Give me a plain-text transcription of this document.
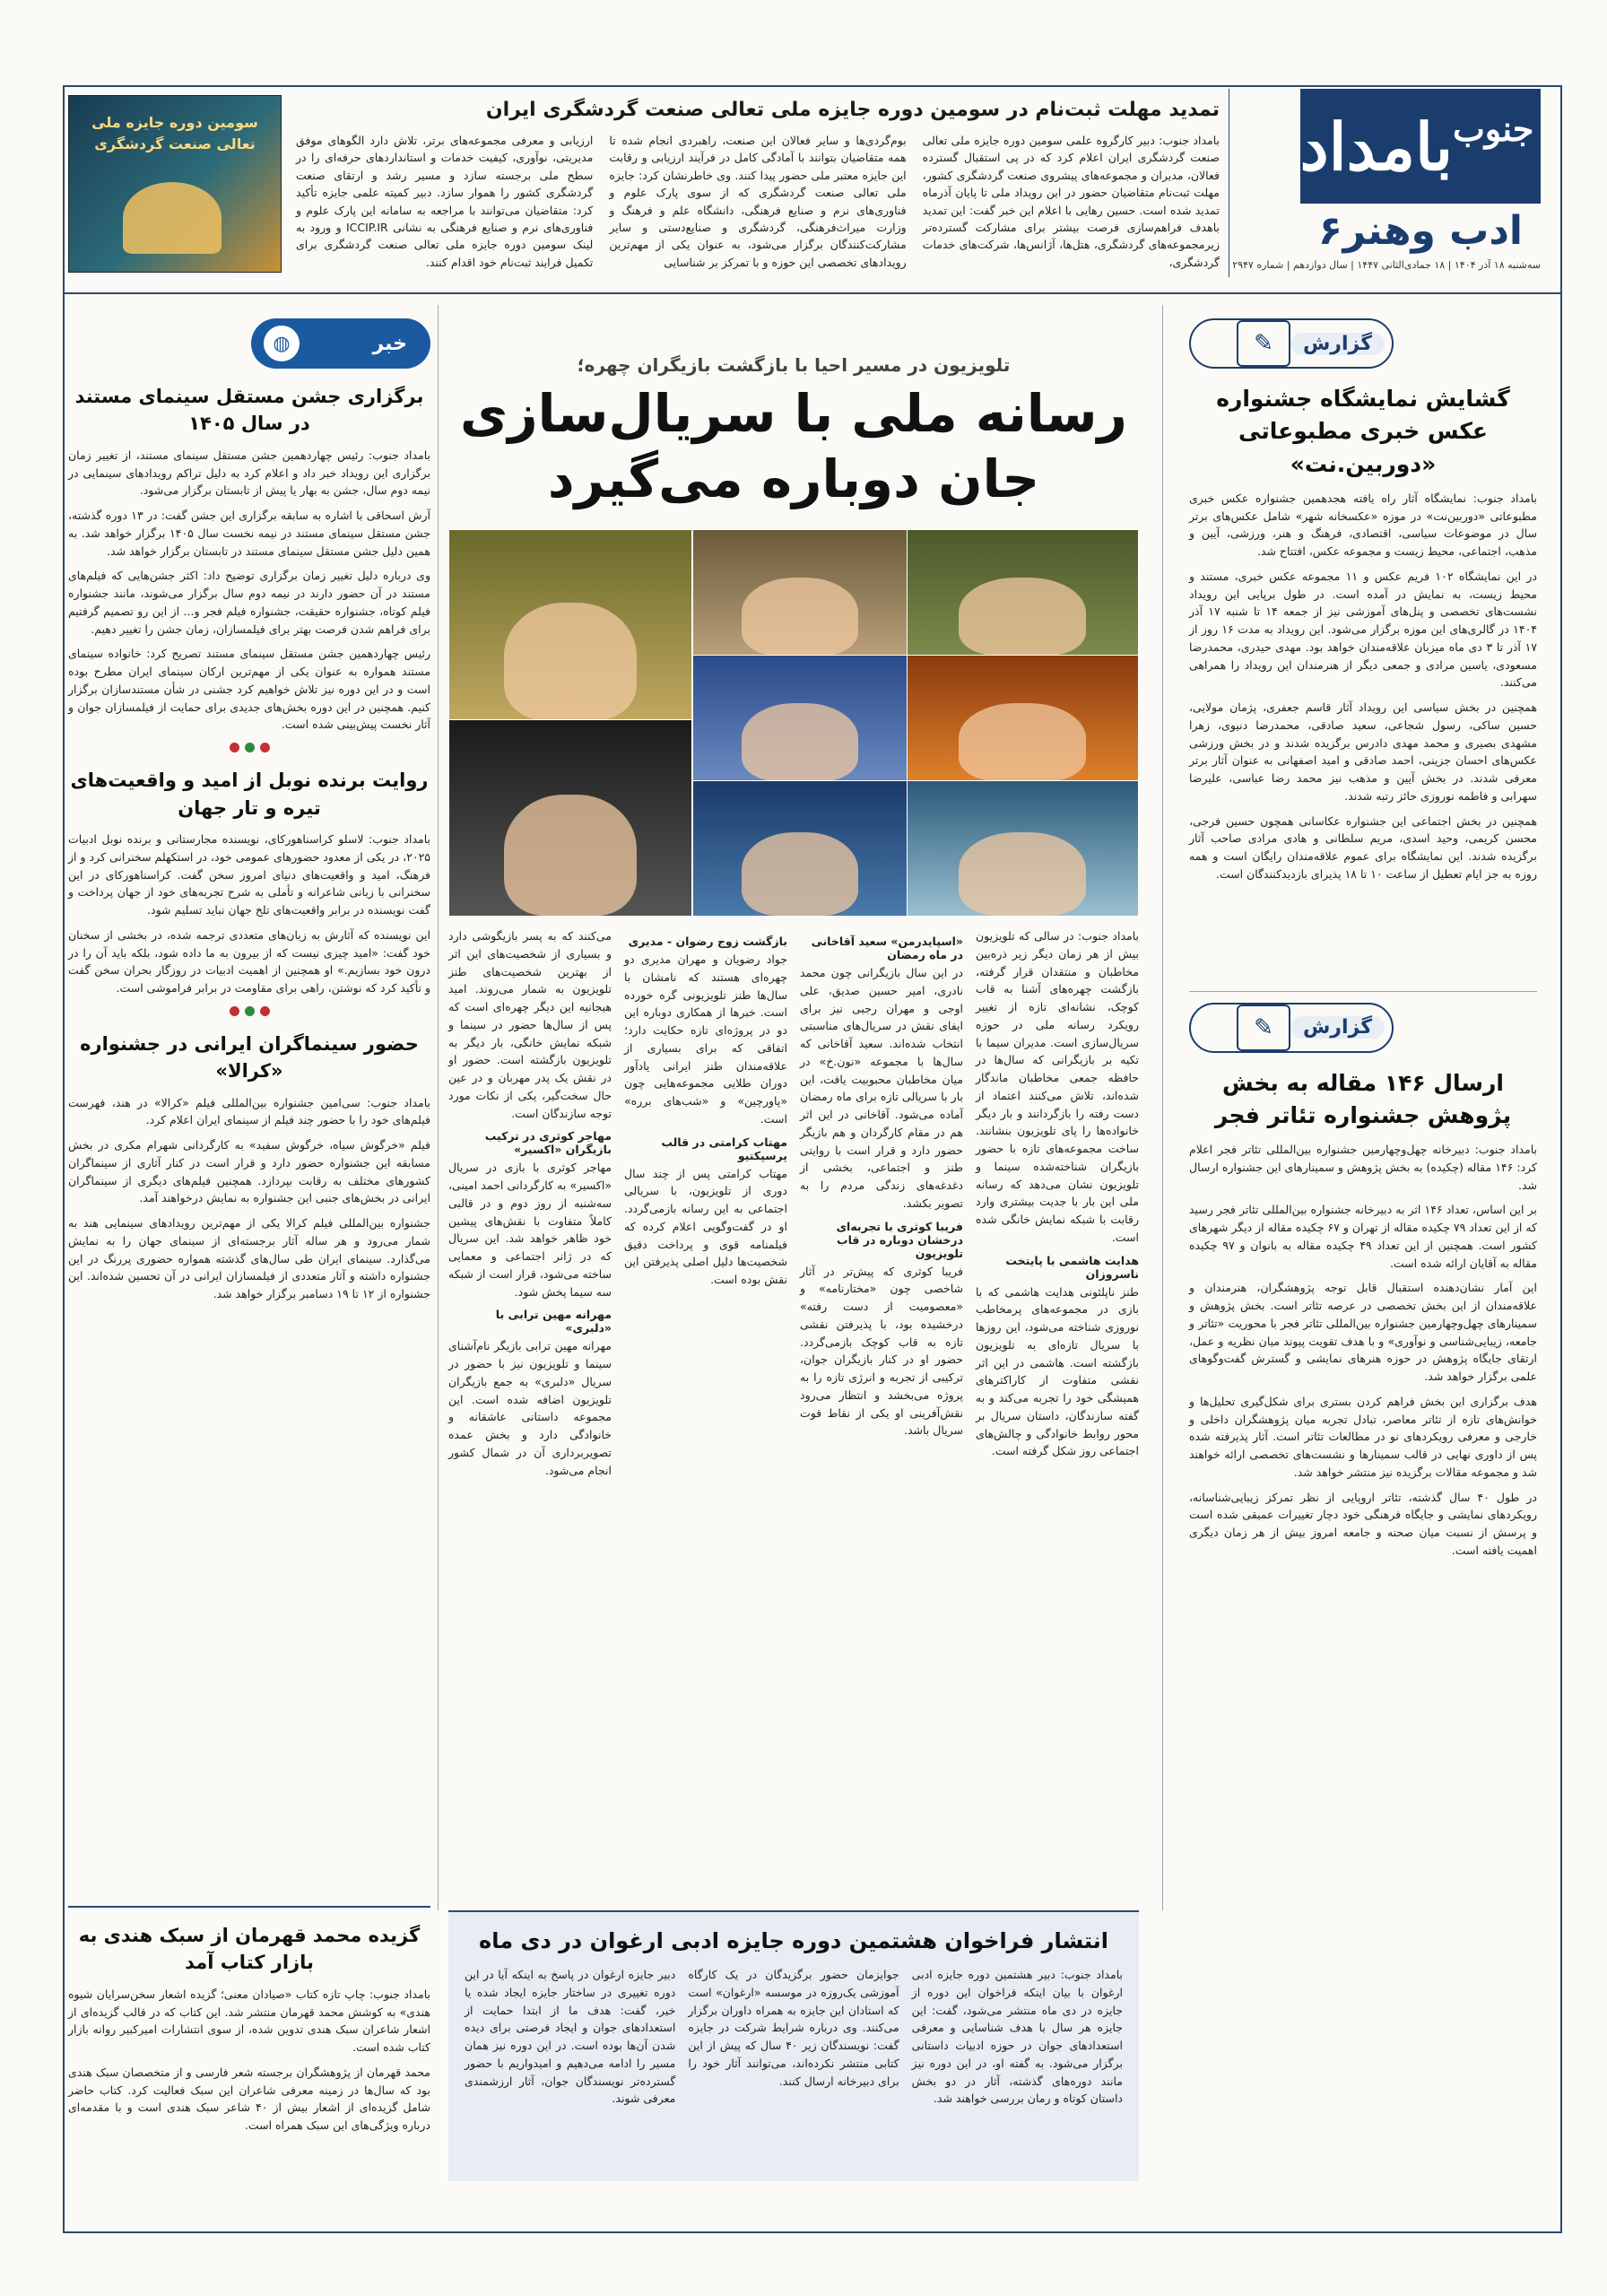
جنوب
بامداد
ادب وهنر
۶
سه‌شنبه ۱۸ آذر ۱۴۰۴ | ۱۸ جمادی‌الثانی ۱۴۴۷ | سال دوازدهم | شماره ۲۹۴۷
تمدید مهلت ثبت‌نام در سومین دوره جایزه ملی تعالی صنعت گردشگری ایران

بامداد جنوب: دبیر کارگروه علمی سومین دوره جایزه ملی تعالی صنعت گردشگری ایران اعلام کرد که در پی استقبال گسترده فعالان، مدیران و مجموعه‌های پیشروی صنعت گردشگری کشور، مهلت ثبت‌نام متقاضیان حضور در این رویداد ملی تا پایان آذرماه تمدید شده است. حسین رهایی با اعلام این خبر گفت: این تمدید باهدف فراهم‌سازی فرصت بیشتر برای مشارکت گسترده‌تر زیرمجموعه‌های گردشگری، هتل‌ها، آژانس‌ها، شرکت‌های خدمات گردشگری،

بوم‌گردی‌ها و سایر فعالان این صنعت، راهبردی انجام شده تا همه متقاضیان بتوانند با آمادگی کامل در فرآیند ارزیابی و رقابت این جایزه معتبر ملی حضور پیدا کنند. وی خاطرنشان کرد: جایزه ملی تعالی صنعت گردشگری که از سوی پارک علوم و فناوری‌های نرم و صنایع فرهنگی، دانشگاه علم و فرهنگ و وزارت میراث‌فرهنگی، گردشگری و صنایع‌دستی و سایر مشارکت‌کنندگان برگزار می‌شود، به عنوان یکی از مهم‌ترین رویدادهای تخصصی این حوزه و با تمرکز بر شناسایی

ارزیابی و معرفی مجموعه‌های برتر، تلاش دارد الگوهای موفق مدیریتی، نوآوری، کیفیت خدمات و استانداردهای حرفه‌ای را در سطح ملی برجسته سازد و مسیر رشد و ارتقای صنعت گردشگری کشور را هموار سازد. دبیر کمیته علمی جایزه تأکید کرد: متقاضیان می‌توانند با مراجعه به سامانه این پارک علوم و فناوری‌های نرم و صنایع فرهنگی به نشانی ICCIP.IR و ورود به لینک سومین دوره جایزه ملی تعالی صنعت گردشگری برای تکمیل فرایند ثبت‌نام خود اقدام کنند.

سومین دوره جایزه ملی تعالی صنعت گردشگری
گزارش
✎
گشایش نمایشگاه جشنواره عکس خبری مطبوعاتی «دوربین.نت»

بامداد جنوب: نمایشگاه آثار راه یافته هجدهمین جشنواره عکس خبری مطبوعاتی «دوربین‌نت» در موزه «عکسخانه شهر» شامل عکس‌های برتر سال در موضوعات سیاسی، اقتصادی، فرهنگ و هنر، ورزشی، آیین و مذهب، اجتماعی، محیط زیست و مجموعه عکس، افتتاح شد.

در این نمایشگاه ۱۰۲ فریم عکس و ۱۱ مجموعه عکس خبری، مستند و محیط زیست، به نمایش در آمده است. در طول برپایی این رویداد نشست‌های تخصصی و پنل‌های آموزشی نیز از جمعه ۱۴ تا شنبه ۱۷ آذر ۱۴۰۴ در گالری‌های این موزه برگزار می‌شود. این رویداد به مدت ۱۶ روز از ۱۷ آذر تا ۳ دی ماه میزبان علاقه‌مندان خواهد بود. مهدی حیدری، محمدرضا مسعودی، یاسین مرادی و جمعی دیگر از هنرمندان این رویداد را همراهی می‌کنند.

همچنین در بخش سیاسی این رویداد آثار قاسم جعفری، پژمان مولایی، حسین ساکی، رسول شجاعی، سعید صادقی، محمدرضا دنیوی، زهرا مشهدی بصیری و محمد مهدی دادرس برگزیده شدند و در بخش ورزشی عکس‌های احسان جزینی، احمد صادقی و امید اصفهانی به عنوان آثار برتر معرفی شدند. در بخش آیین و مذهب نیز محمد رضا عباسی، علیرضا سهرابی و فاطمه نوروزی حائز رتبه شدند.

همچنین در بخش اجتماعی این جشنواره عکاسانی همچون حسین فرجی، محسن کریمی، وحید اسدی، مریم سلطانی و هادی مرادی صاحب آثار برگزیده شدند. این نمایشگاه برای عموم علاقه‌مندان رایگان است و همه روزه به جز ایام تعطیل از ساعت ۱۰ تا ۱۸ پذیرای بازدیدکنندگان است.

گزارش
✎
ارسال ۱۴۶ مقاله به بخش پژوهش جشنواره تئاتر فجر

بامداد جنوب: دبیرخانه چهل‌وچهارمین جشنواره بین‌المللی تئاتر فجر اعلام کرد: ۱۴۶ مقاله (چکیده) به بخش پژوهش و سمینارهای این جشنواره ارسال شد.

بر این اساس، تعداد ۱۴۶ اثر به دبیرخانه جشنواره بین‌المللی تئاتر فجر رسید که از این تعداد ۷۹ چکیده مقاله از تهران و ۶۷ چکیده مقاله از دیگر شهرهای کشور است. همچنین از این تعداد ۴۹ چکیده مقاله به بانوان و ۹۷ چکیده مقاله به آقایان ارائه شده است.

این آمار نشان‌دهنده استقبال قابل توجه پژوهشگران، هنرمندان و علاقه‌مندان از این بخش تخصصی در عرصه تئاتر است. بخش پژوهش و سمینارهای چهل‌وچهارمین جشنواره بین‌المللی تئاتر فجر با محوریت «تئاتر و جامعه، زیبایی‌شناسی و نوآوری» و با هدف تقویت پیوند میان نظریه و عمل، ارتقای جایگاه پژوهش در حوزه هنرهای نمایشی و گسترش گفت‌وگوهای علمی برگزار خواهد شد.

هدف برگزاری این بخش فراهم کردن بستری برای شکل‌گیری تحلیل‌ها و خوانش‌های تازه از تئاتر معاصر، تبادل تجربه میان پژوهشگران داخلی و خارجی و معرفی رویکردهای نو در مطالعات تئاتر است. آثار پذیرفته شده پس از داوری نهایی در قالب سمینارها و نشست‌های تخصصی ارائه خواهند شد و مجموعه مقالات برگزیده نیز منتشر خواهد شد.

در طول ۴۰ سال گذشته، تئاتر اروپایی از نظر تمرکز زیبایی‌شناسانه، رویکردهای نمایشی و جایگاه فرهنگی خود دچار تغییرات عمیقی شده است و پرسش از نسبت میان صحنه و جامعه امروز بیش از هر زمان دیگری اهمیت یافته است.

تلویزیون در مسیر احیا با بازگشت بازیگران چهره؛
رسانه ملی با سریال‌سازی
جان دوباره می‌گیرد

بامداد جنوب: در سالی که تلویزیون بیش از هر زمان دیگر زیر ذره‌بین مخاطبان و منتقدان قرار گرفته، بازگشت چهره‌های آشنا به قاب کوچک، نشانه‌ای تازه از تغییر رویکرد رسانه ملی در حوزه سریال‌سازی است. مدیران سیما با تکیه بر بازیگرانی که سال‌ها در حافظه جمعی مخاطبان ماندگار شده‌اند، تلاش می‌کنند اعتماد از دست رفته را بازگردانند و بار دیگر خانواده‌ها را پای تلویزیون بنشانند. ساخت مجموعه‌های تازه با حضور بازیگران شناخته‌شده سینما و تلویزیون نشان می‌دهد که رسانه ملی این بار با جدیت بیشتری وارد رقابت با شبکه نمایش خانگی شده است.

هدایت هاشمی با پایتخت ناسروزان

طنز ناپلئونی هدایت هاشمی که با بازی در مجموعه‌های پرمخاطب نوروزی شناخته می‌شود، این روزها با سریال تازه‌ای به تلویزیون بازگشته است. هاشمی در این اثر نقشی متفاوت از کاراکترهای همیشگی خود را تجربه می‌کند و به گفته سازندگان، داستان سریال بر محور روابط خانوادگی و چالش‌های اجتماعی روز شکل گرفته است.

«اسپایدرمن» سعید آقاخانی در ماه رمضان

در این سال بازیگرانی چون محمد نادری، امیر حسین صدیق، علی اوجی و مهران رجبی نیز برای ایفای نقش در سریال‌های مناسبتی انتخاب شده‌اند. سعید آقاخانی که سال‌ها با مجموعه «نون.خ» در میان مخاطبان محبوبیت یافت، این بار با سریالی تازه برای ماه رمضان آماده می‌شود. آقاخانی در این اثر هم در مقام کارگردان و هم بازیگر حضور دارد و قرار است با روایتی طنز و اجتماعی، بخشی از دغدغه‌های زندگی مردم را به تصویر بکشد.

فریبا کوثری با تجربه‌ای درخشان دوباره در قاب تلویزیون

فریبا کوثری که پیش‌تر در آثار شاخصی چون «مختارنامه» و «معصومیت از دست رفته» درخشیده بود، با پذیرفتن نقشی تازه به قاب کوچک بازمی‌گردد. حضور او در کنار بازیگران جوان، ترکیبی از تجربه و انرژی تازه را به پروژه می‌بخشد و انتظار می‌رود نقش‌آفرینی او یکی از نقاط قوت سریال باشد.

بازگشت زوج رضوان - مدیری

جواد رضویان و مهران مدیری دو چهره‌ای هستند که نامشان با سال‌ها طنز تلویزیونی گره خورده است. خبرها از همکاری دوباره این دو در پروژه‌ای تازه حکایت دارد؛ اتفاقی که برای بسیاری از علاقه‌مندان طنز ایرانی یادآور دوران طلایی مجموعه‌هایی چون «پاورچین» و «شب‌های برره» است.

مهتاب کرامتی در قالب پرسپکتیو

مهتاب کرامتی پس از چند سال دوری از تلویزیون، با سریالی اجتماعی به این رسانه بازمی‌گردد. او در گفت‌وگویی اعلام کرده که فیلمنامه قوی و پرداخت دقیق شخصیت‌ها دلیل اصلی پذیرفتن این نقش بوده است.

می‌کنند که به پسر بازیگوشی دارد و بسیاری از شخصیت‌های این اثر از بهترین شخصیت‌های طنز تلویزیون به شمار می‌روند. امید هیجانیه این دیگر چهره‌ای است که پس از سال‌ها حضور در سینما و شبکه نمایش خانگی، بار دیگر به تلویزیون بازگشته است. حضور او در نقش یک پدر مهربان و در عین حال سخت‌گیر، یکی از نکات مورد توجه سازندگان است.

مهاجر کوثری در ترکیب بازیگران «اکسیر»

مهاجر کوثری با بازی در سریال «اکسیر» به کارگردانی احمد امینی، سه‌شنبه از روز دوم و در قالبی کاملاً متفاوت با نقش‌های پیشین خود ظاهر خواهد شد. این سریال که در ژانر اجتماعی و معمایی ساخته می‌شود، قرار است از شبکه سه سیما پخش شود.

مهرانه مهین ترابی با «دلبری»

مهرانه مهین ترابی بازیگر نام‌آشنای سینما و تلویزیون نیز با حضور در سریال «دلبری» به جمع بازیگران تلویزیون اضافه شده است. این مجموعه داستانی عاشقانه و خانوادگی دارد و بخش عمده تصویربرداری آن در شمال کشور انجام می‌شود.

خبر
◍
برگزاری جشن مستقل سینمای مستند در سال ۱۴۰۵

بامداد جنوب: رئیس چهاردهمین جشن مستقل سینمای مستند، از تغییر زمان برگزاری این رویداد خبر داد و اعلام کرد به دلیل تراکم رویدادهای سینمایی در نیمه دوم سال، جشن به بهار یا پیش از تابستان برگزار می‌شود.

آرش اسحاقی با اشاره به سابقه برگزاری این جشن گفت: در ۱۳ دوره گذشته، جشن مستقل سینمای مستند در نیمه نخست سال ۱۴۰۵ برگزار خواهد شد. به همین دلیل جشن مستقل سینمای مستند در تابستان برگزار خواهد شد.

وی درباره دلیل تغییر زمان برگزاری توضیح داد: اکثر جشن‌هایی که فیلم‌های مستند در آن حضور دارند در نیمه دوم سال برگزار می‌شوند، مانند جشنواره فیلم کوتاه، جشنواره حقیقت، جشنواره فیلم فجر و... از این رو تصمیم گرفتیم برای فراهم شدن فرصت بهتر برای فیلمسازان، زمان جشن را تغییر دهیم.

رئیس چهاردهمین جشن مستقل سینمای مستند تصریح کرد: خانواده سینمای مستند همواره به عنوان یکی از مهم‌ترین ارکان سینمای ایران مطرح بوده است و در این دوره نیز تلاش خواهیم کرد جشنی در شأن مستندسازان برگزار کنیم. همچنین در این دوره بخش‌های جدیدی برای حمایت از فیلمسازان جوان و آثار نخست پیش‌بینی شده است.

روایت برنده نوبل از امید و واقعیت‌های تیره و تار جهان

بامداد جنوب: لاسلو کراسناهورکای، نویسنده مجارستانی و برنده نوبل ادبیات ۲۰۲۵، در یکی از معدود حضورهای عمومی خود، در استکهلم سخنرانی کرد و از فرهنگ، امید و واقعیت‌های دنیای امروز سخن گفت. کراسناهورکای در این سخنرانی با زبانی شاعرانه و تأملی به شرح تجربه‌های خود از جهان پرداخت و گفت نویسنده در برابر واقعیت‌های تلخ جهان نباید تسلیم شود.

این نویسنده که آثارش به زبان‌های متعددی ترجمه شده، در بخشی از سخنان خود گفت: «امید چیزی نیست که از بیرون به ما داده شود، بلکه باید آن را در درون خود بسازیم.» او همچنین از اهمیت ادبیات در روزگار بحران سخن گفت و تأکید کرد که نوشتن، راهی برای مقاومت در برابر فراموشی است.

حضور سینماگران ایرانی در جشنواره «کرالا»

بامداد جنوب: سی‌امین جشنواره بین‌المللی فیلم «کرالا» در هند، فهرست فیلم‌های خود را با حضور چند فیلم از سینمای ایران اعلام کرد.

فیلم «خرگوش سیاه، خرگوش سفید» به کارگردانی شهرام مکری در بخش مسابقه این جشنواره حضور دارد و قرار است در کنار آثاری از سینماگران کشورهای مختلف به رقابت بپردازد. همچنین فیلم‌های دیگری از سینماگران ایرانی در بخش‌های جنبی این جشنواره به نمایش درخواهند آمد.

جشنواره بین‌المللی فیلم کرالا یکی از مهم‌ترین رویدادهای سینمایی هند به شمار می‌رود و هر ساله آثار برجسته‌ای از سینمای جهان را به نمایش می‌گذارد. سینمای ایران طی سال‌های گذشته همواره حضوری پررنگ در این جشنواره داشته و آثار متعددی از فیلمسازان ایرانی در آن تحسین شده‌اند. این جشنواره از ۱۲ تا ۱۹ دسامبر برگزار خواهد شد.

گزیده محمد قهرمان از سبک هندی به بازار کتاب آمد

بامداد جنوب: چاپ تازه کتاب «صیادان معنی؛ گزیده اشعار سخن‌سرایان شیوه هندی» به کوشش محمد قهرمان منتشر شد. این کتاب که در قالب گزیده‌ای از اشعار شاعران سبک هندی تدوین شده، از سوی انتشارات امیرکبیر روانه بازار کتاب شده است.

محمد قهرمان از پژوهشگران برجسته شعر فارسی و از متخصصان سبک هندی بود که سال‌ها در زمینه معرفی شاعران این سبک فعالیت کرد. کتاب حاضر شامل گزیده‌ای از اشعار بیش از ۴۰ شاعر سبک هندی است و با مقدمه‌ای درباره ویژگی‌های این سبک همراه است.

انتشار فراخوان هشتمین دوره جایزه ادبی ارغوان در دی ماه

بامداد جنوب: دبیر هشتمین دوره جایزه ادبی ارغوان با بیان اینکه فراخوان این دوره از جایزه در دی ماه منتشر می‌شود، گفت: این جایزه هر سال با هدف شناسایی و معرفی استعدادهای جوان در حوزه ادبیات داستانی برگزار می‌شود. به گفته او، در این دوره نیز مانند دوره‌های گذشته، آثار در دو بخش داستان کوتاه و رمان بررسی خواهند شد.

جوایزمان حضور برگزیدگان در یک کارگاه آموزشی یک‌روزه در موسسه «ارغوان» است که استادان این جایزه به همراه داوران برگزار می‌کنند. وی درباره شرایط شرکت در جایزه گفت: نویسندگان زیر ۴۰ سال که پیش از این کتابی منتشر نکرده‌اند، می‌توانند آثار خود را برای دبیرخانه ارسال کنند.

دبیر جایزه ارغوان در پاسخ به اینکه آیا در این دوره تغییری در ساختار جایزه ایجاد شده یا خیر، گفت: هدف ما از ابتدا حمایت از استعدادهای جوان و ایجاد فرصتی برای دیده شدن آن‌ها بوده است. در این دوره نیز همان مسیر را ادامه می‌دهیم و امیدواریم با حضور گسترده‌تر نویسندگان جوان، آثار ارزشمندی معرفی شوند.
